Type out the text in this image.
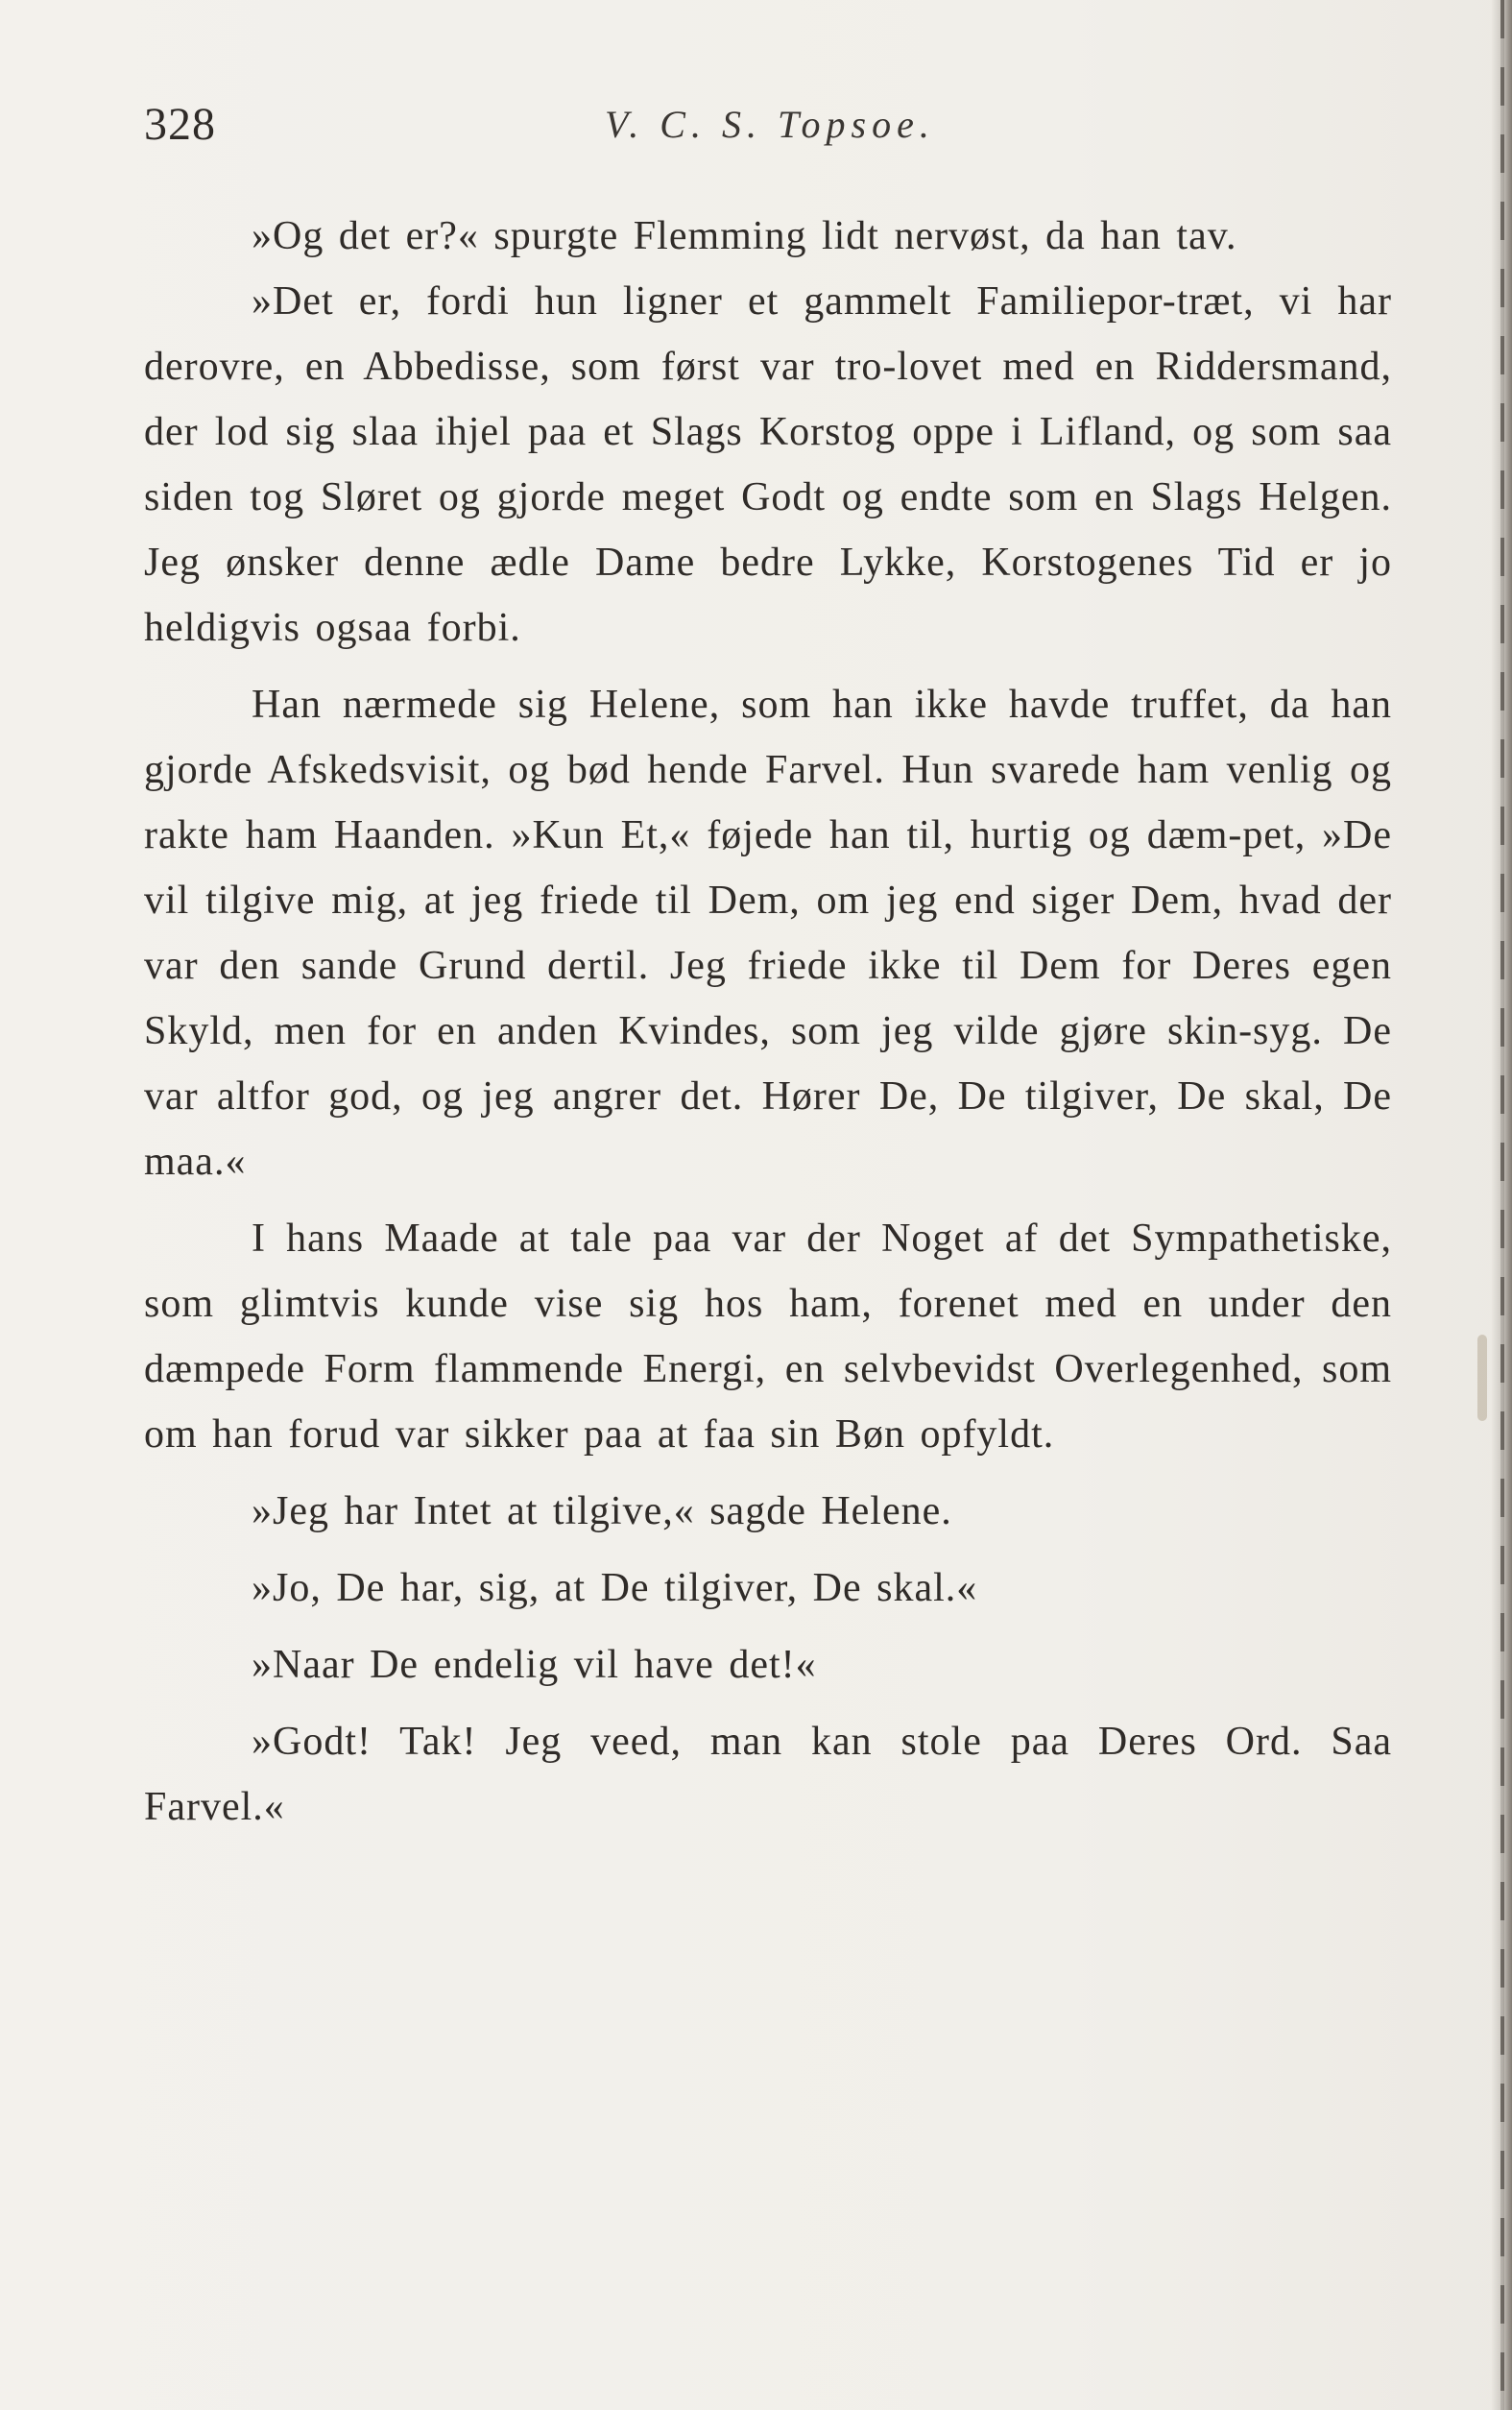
328	V. C. S. Topsoe.

»Og det er?« spurgte Flemming lidt nervøst, da han tav.

»Det er, fordi hun ligner et gammelt Familiepor-træt, vi har derovre, en Abbedisse, som først var tro-lovet med en Riddersmand, der lod sig slaa ihjel paa et Slags Korstog oppe i Lifland, og som saa siden tog Sløret og gjorde meget Godt og endte som en Slags Helgen. Jeg ønsker denne ædle Dame bedre Lykke, Korstogenes Tid er jo heldigvis ogsaa forbi.

Han nærmede sig Helene, som han ikke havde truffet, da han gjorde Afskedsvisit, og bød hende Farvel. Hun svarede ham venlig og rakte ham Haanden. »Kun Et,« føjede han til, hurtig og dæm-pet, »De vil tilgive mig, at jeg friede til Dem, om jeg end siger Dem, hvad der var den sande Grund dertil. Jeg friede ikke til Dem for Deres egen Skyld, men for en anden Kvindes, som jeg vilde gjøre skin-syg. De var altfor god, og jeg angrer det. Hører De, De tilgiver, De skal, De maa.«

I hans Maade at tale paa var der Noget af det Sympathetiske, som glimtvis kunde vise sig hos ham, forenet med en under den dæmpede Form flammende Energi, en selvbevidst Overlegenhed, som om han forud var sikker paa at faa sin Bøn opfyldt.

»Jeg har Intet at tilgive,« sagde Helene.

»Jo, De har, sig, at De tilgiver, De skal.«

»Naar De endelig vil have det!«

»Godt! Tak! Jeg veed, man kan stole paa Deres Ord. Saa Farvel.«
